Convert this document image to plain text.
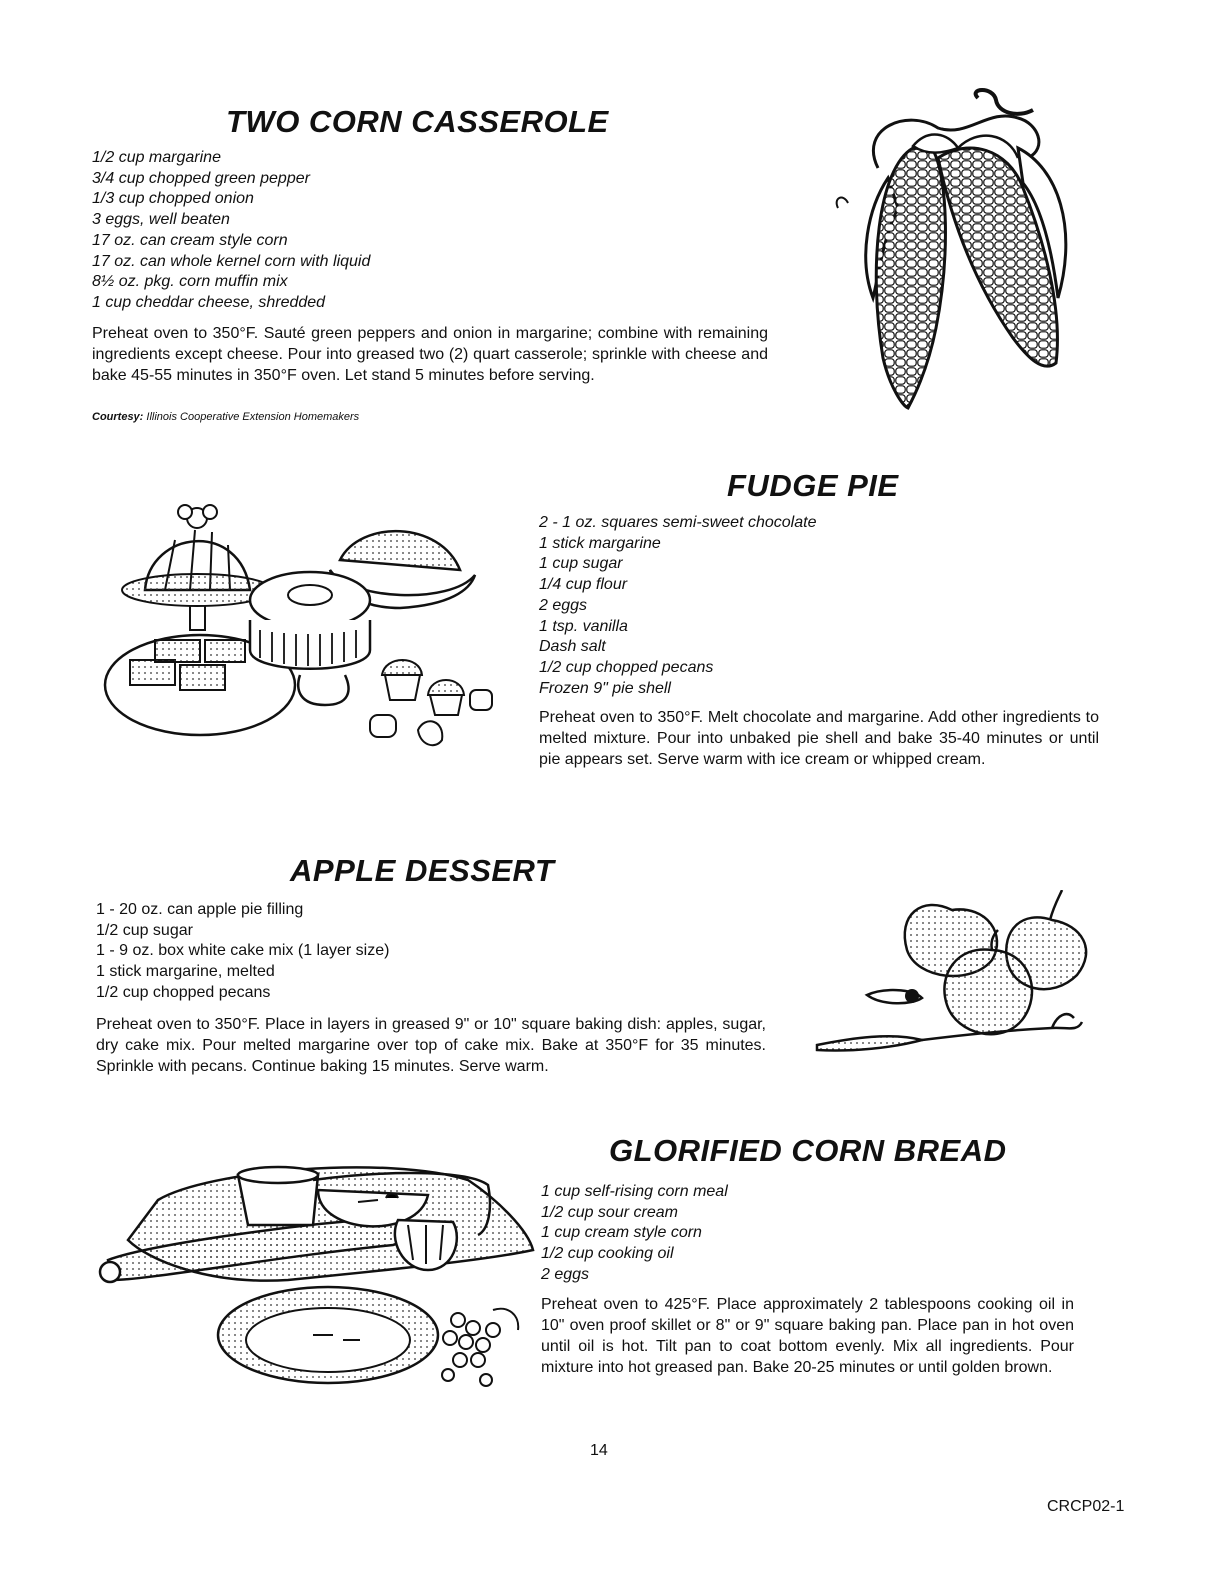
TWO CORN CASSEROLE
1/2 cup margarine
3/4 cup chopped green pepper
1/3 cup chopped onion
3 eggs, well beaten
17 oz. can cream style corn
17 oz. can whole kernel corn with liquid
8½ oz. pkg. corn muffin mix
1 cup cheddar cheese, shredded

Preheat oven to 350°F. Sauté green peppers and onion in margarine; combine with remaining ingredients except cheese. Pour into greased two (2) quart casserole; sprinkle with cheese and bake 45-55 minutes in 350°F oven. Let stand 5 minutes before serving.

Courtesy: Illinois Cooperative Extension Homemakers

FUDGE PIE
2 - 1 oz. squares semi-sweet chocolate
1 stick margarine
1 cup sugar
1/4 cup flour
2 eggs
1 tsp. vanilla
Dash salt
1/2 cup chopped pecans
Frozen 9" pie shell

Preheat oven to 350°F. Melt chocolate and margarine. Add other ingredients to melted mixture. Pour into unbaked pie shell and bake 35-40 minutes or until pie appears set. Serve warm with ice cream or whipped cream.

APPLE DESSERT
1 - 20 oz. can apple pie filling
1/2 cup sugar
1 - 9 oz. box white cake mix (1 layer size)
1 stick margarine, melted
1/2 cup chopped pecans

Preheat oven to 350°F. Place in layers in greased 9" or 10" square baking dish: apples, sugar, dry cake mix. Pour melted margarine over top of cake mix. Bake at 350°F for 35 minutes. Sprinkle with pecans. Continue baking 15 minutes. Serve warm.

GLORIFIED CORN BREAD
1 cup self-rising corn meal
1/2 cup sour cream
1 cup cream style corn
1/2 cup cooking oil
2 eggs

Preheat oven to 425°F. Place approximately 2 tablespoons cooking oil in 10" oven proof skillet or 8" or 9" square baking pan. Place pan in hot oven until oil is hot. Tilt pan to coat bottom evenly. Mix all ingredients. Pour mixture into hot greased pan. Bake 20-25 minutes or until golden brown.

14

CRCP02-1
